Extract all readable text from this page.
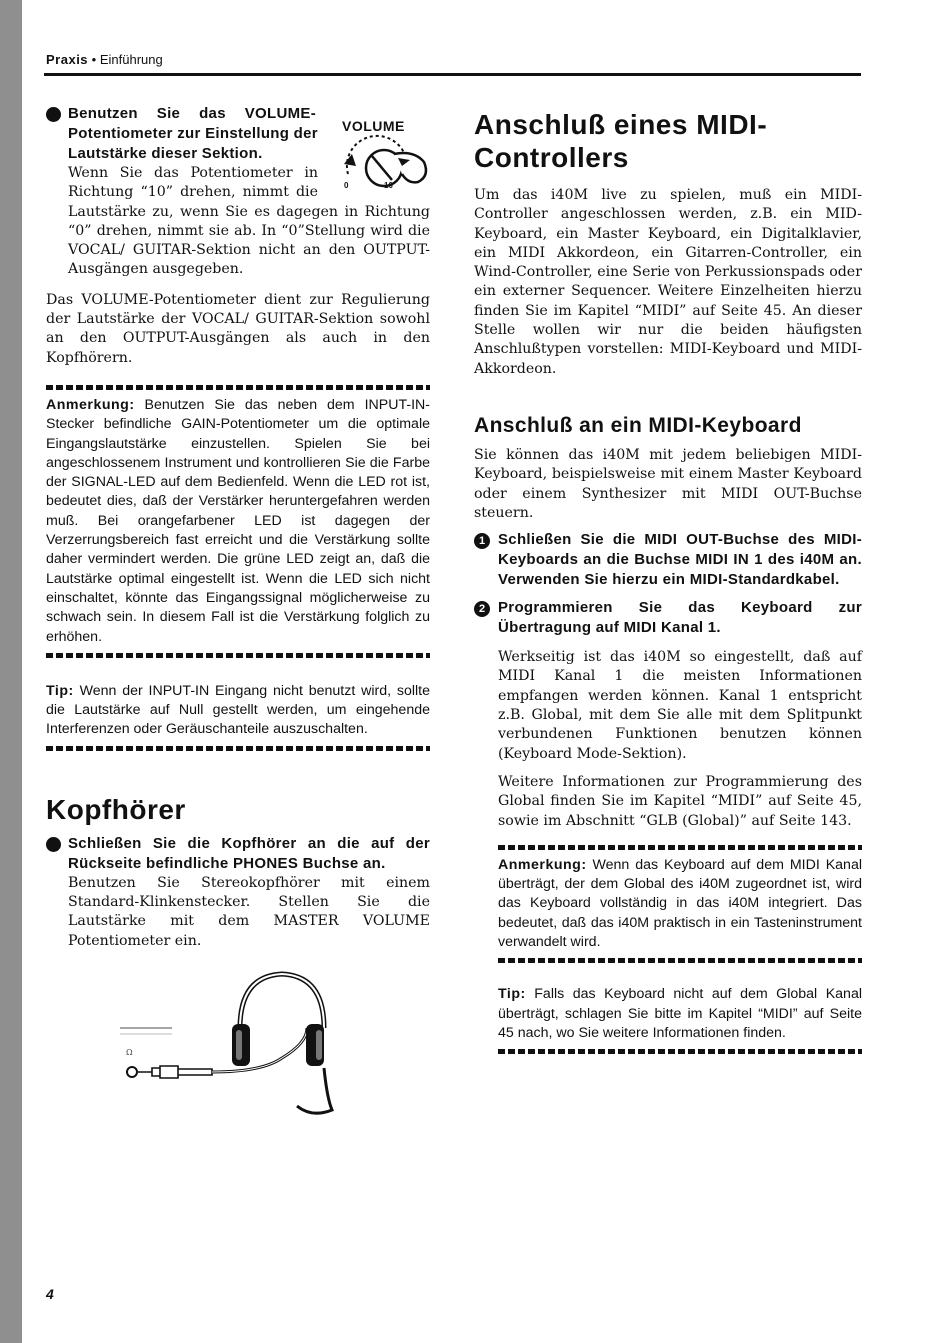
Praxis • Einführung
Benutzen Sie das VOLUME-
Potentiometer zur Einstellung der
Lautstärke dieser Sektion.
Wenn Sie das Potentiometer in
Richtung “10” drehen, nimmt die

Lautstärke zu, wenn Sie es dagegen in Richtung “0” drehen, nimmt sie ab. In “0”Stellung wird die VOCAL/ GUITAR-Sektion nicht an den OUTPUT-Ausgängen ausgegeben.

Das VOLUME-Potentiometer dient zur Regulierung der Lautstärke der VOCAL/ GUITAR-Sektion sowohl an den OUTPUT-Ausgängen als auch in den Kopfhörern.

Anmerkung: Benutzen Sie das neben dem INPUT-IN-Stecker befindliche GAIN-Potentiometer um die optimale Eingangslautstärke einzustellen. Spielen Sie bei angeschlossenem Instrument und kontrollieren Sie die Farbe der SIGNAL-LED auf dem Bedienfeld. Wenn die LED rot ist, bedeutet dies, daß der Verstärker heruntergefahren werden muß. Bei orangefarbener LED ist dagegen der Verzerrungsbereich fast erreicht und die Verstärkung sollte daher vermindert werden. Die grüne LED zeigt an, daß die Lautstärke optimal eingestellt ist. Wenn die LED sich nicht einschaltet, könnte das Eingangssignal möglicherweise zu schwach sein. In diesem Fall ist die Verstärkung folglich zu erhöhen.

Tip: Wenn der INPUT-IN Eingang nicht benutzt wird, sollte die Lautstärke auf Null gestellt werden, um eingehende Interferenzen oder Geräuschanteile auszuschalten.

Kopfhörer
Schließen Sie die Kopfhörer an die auf der Rückseite befindliche PHONES Buchse an.

Benutzen Sie Stereokopfhörer mit einem Standard-Klinkenstecker. Stellen Sie die Lautstärke mit dem MASTER VOLUME Potentiometer ein.

VOLUME
0	10
Ω
Anschluß eines MIDI-Controllers

Um das i40M live zu spielen, muß ein MIDI-Controller angeschlossen werden, z.B. ein MID-Keyboard, ein Master Keyboard, ein Digitalklavier, ein MIDI Akkordeon, ein Gitarren-Controller, ein Wind-Controller, eine Serie von Perkussionspads oder ein externer Sequencer. Weitere Einzelheiten hierzu finden Sie im Kapitel “MIDI” auf Seite 45. An dieser Stelle wollen wir nur die beiden häufigsten Anschlußtypen vorstellen: MIDI-Keyboard und MIDI-Akkordeon.

Anschluß an ein MIDI-Keyboard

Sie können das i40M mit jedem beliebigen MIDI-Keyboard, beispielsweise mit einem Master Keyboard oder einem Synthesizer mit MIDI OUT-Buchse steuern.

1 Schließen Sie die MIDI OUT-Buchse des MIDI-Keyboards an die Buchse MIDI IN 1 des i40M an. Verwenden Sie hierzu ein MIDI-Standardkabel.
2 Programmieren Sie das Keyboard zur Übertragung auf MIDI Kanal 1.

Werkseitig ist das i40M so eingestellt, daß auf MIDI Kanal 1 die meisten Informationen empfangen werden können. Kanal 1 entspricht z.B. Global, mit dem Sie alle mit dem Splitpunkt verbundenen Funktionen benutzen können (Keyboard Mode-Sektion).

Weitere Informationen zur Programmierung des Global finden Sie im Kapitel “MIDI” auf Seite 45, sowie im Abschnitt “GLB (Global)” auf Seite 143.

Anmerkung: Wenn das Keyboard auf dem MIDI Kanal überträgt, der dem Global des i40M zugeordnet ist, wird das Keyboard vollständig in das i40M integriert. Das bedeutet, daß das i40M praktisch in ein Tasteninstrument verwandelt wird.

Tip: Falls das Keyboard nicht auf dem Global Kanal überträgt, schlagen Sie bitte im Kapitel “MIDI” auf Seite 45 nach, wo Sie weitere Informationen finden.

4
